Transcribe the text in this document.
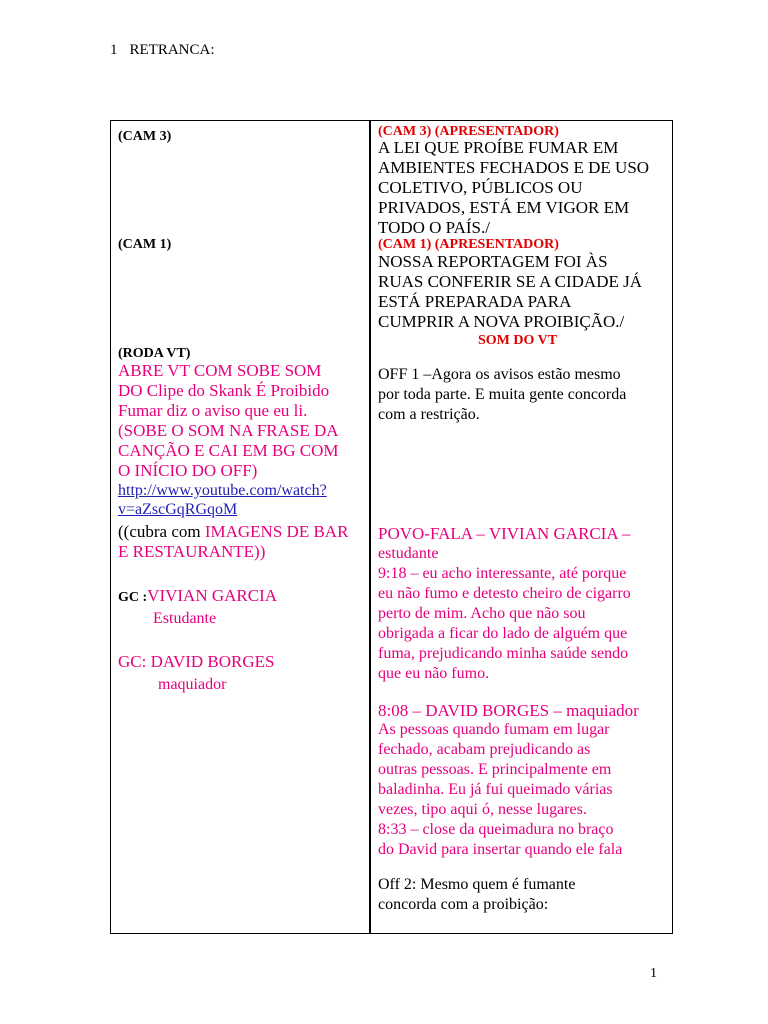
1 RETRANCA:
(CAM 3)
(CAM 1)
(RODA VT)
ABRE VT COM SOBE SOM
DO Clipe do Skank É Proibido
Fumar diz o aviso que eu li.
(SOBE O SOM NA FRASE DA
CANÇÃO E CAI EM BG COM
O INÍCIO DO OFF)
http://www.youtube.com/watch?
v=aZscGqRGqoM
((cubra com IMAGENS DE BAR
E RESTAURANTE))
GC :VIVIAN GARCIA
Estudante
GC: DAVID BORGES
maquiador
(CAM 3) (APRESENTADOR)
A LEI QUE PROÍBE FUMAR EM
AMBIENTES FECHADOS E DE USO
COLETIVO, PÚBLICOS OU
PRIVADOS, ESTÁ EM VIGOR EM
TODO O PAÍS./
(CAM 1) (APRESENTADOR)
NOSSA REPORTAGEM FOI ÀS
RUAS CONFERIR SE A CIDADE JÁ
ESTÁ PREPARADA PARA
CUMPRIR A NOVA PROIBIÇÃO./
SOM DO VT
OFF 1 –Agora os avisos estão mesmo
por toda parte. E muita gente concorda
com a restrição.
POVO-FALA – VIVIAN GARCIA –
estudante
9:18 – eu acho interessante, até porque
eu não fumo e detesto cheiro de cigarro
perto de mim. Acho que não sou
obrigada a ficar do lado de alguém que
fuma, prejudicando minha saúde sendo
que eu não fumo.
8:08 – DAVID BORGES – maquiador
As pessoas quando fumam em lugar
fechado, acabam prejudicando as
outras pessoas. E principalmente em
baladinha. Eu já fui queimado várias
vezes, tipo aqui ó, nesse lugares.
8:33 – close da queimadura no braço
do David para insertar quando ele fala
Off 2: Mesmo quem é fumante
concorda com a proibição:
1
